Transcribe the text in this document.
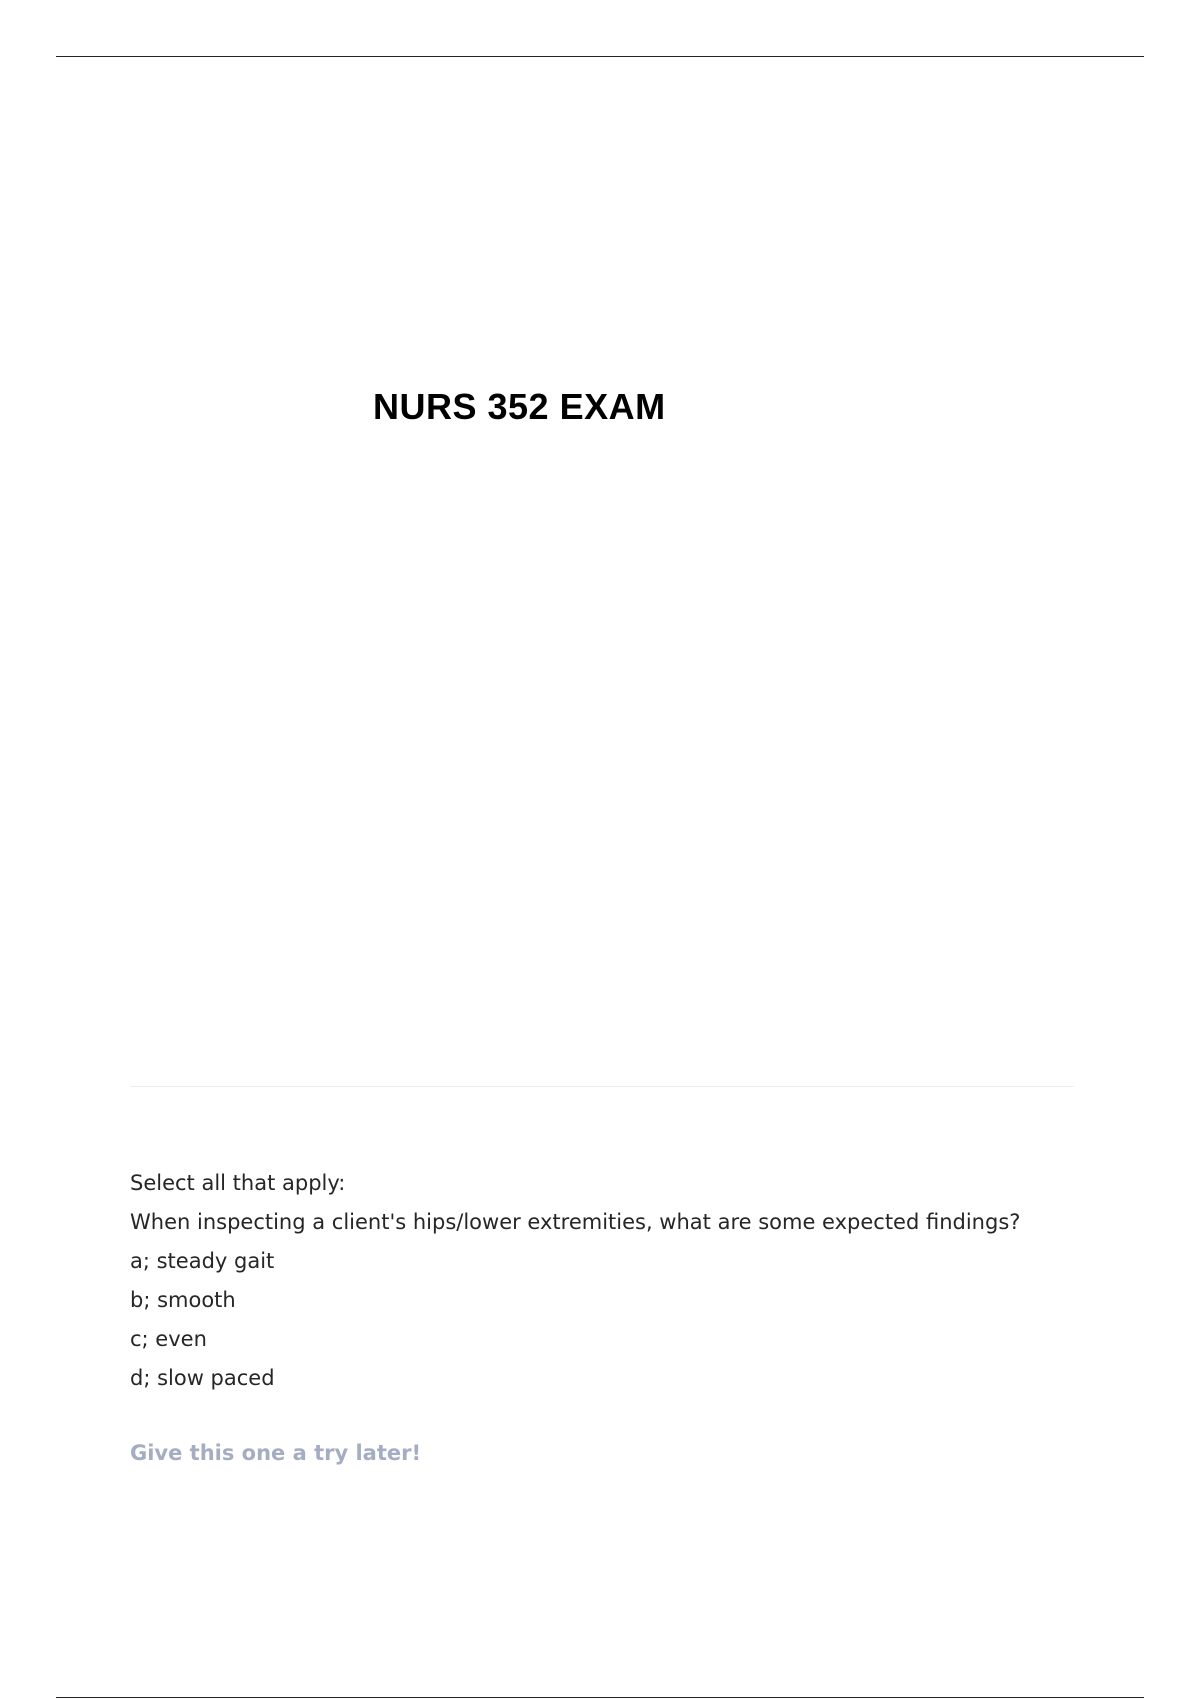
NURS 352 EXAM
Select all that apply:
When inspecting a client's hips/lower extremities, what are some expected findings?
a; steady gait
b; smooth
c; even
d; slow paced
Give this one a try later!
